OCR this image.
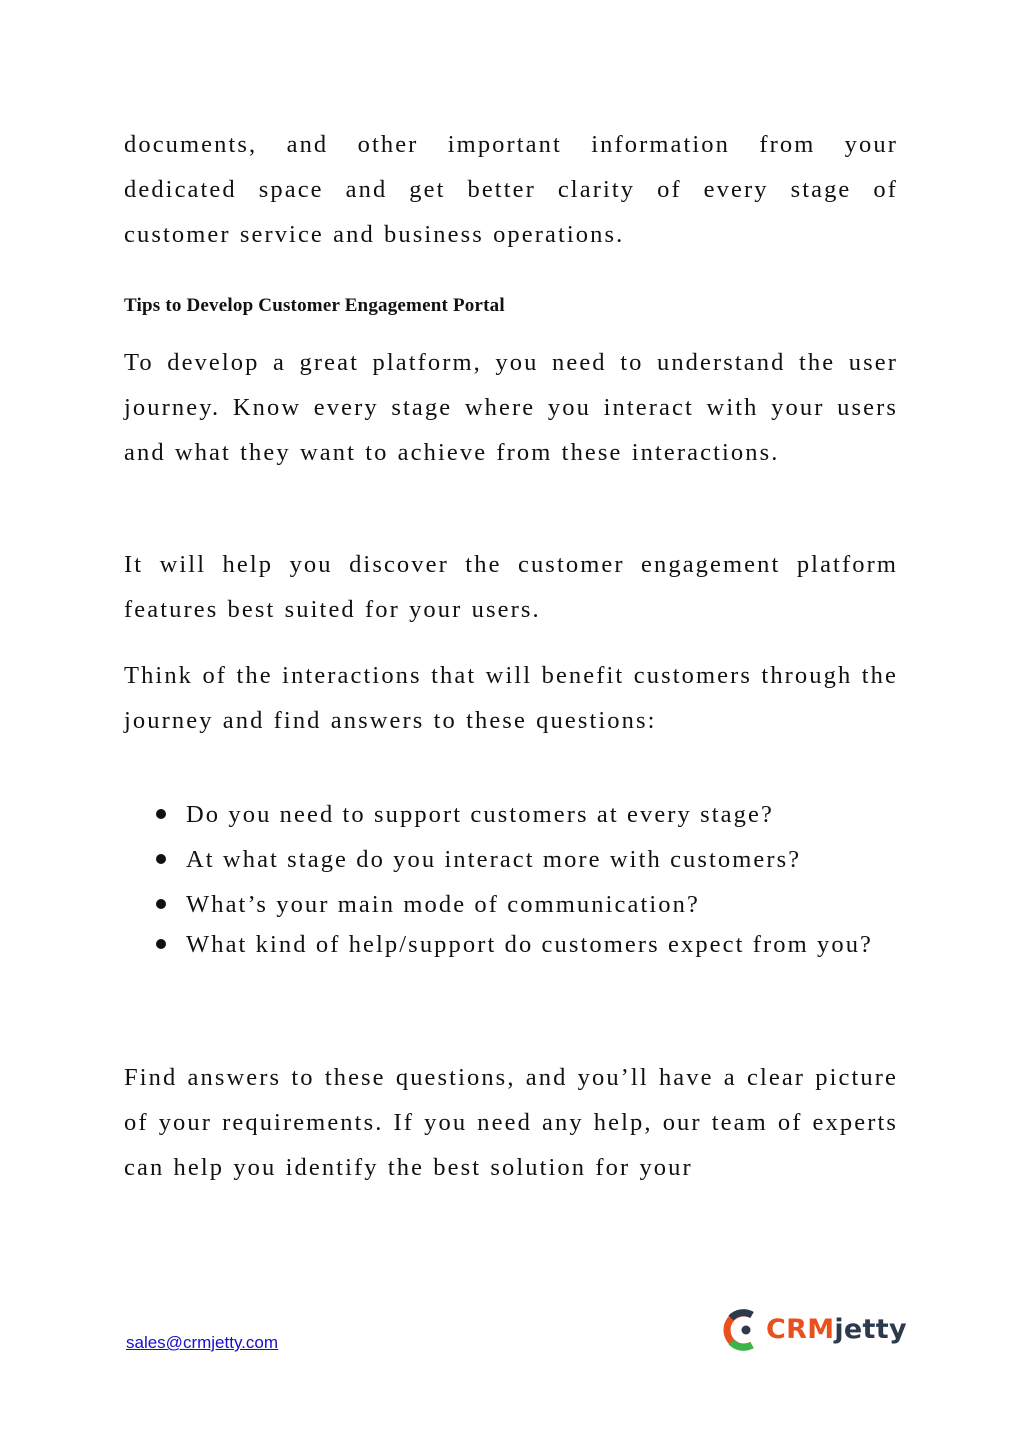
documents, and other important information from your dedicated space and get better clarity of every stage of customer service and business operations.

Tips to Develop Customer Engagement Portal

To develop a great platform, you need to understand the user journey. Know every stage where you interact with your users and what they want to achieve from these interactions.

It will help you discover the customer engagement platform features best suited for your users.

Think of the interactions that will benefit customers through the journey and find answers to these questions:

Do you need to support customers at every stage?
At what stage do you interact more with customers?
What’s your main mode of communication?
What kind of help/support do customers expect from you?

Find answers to these questions, and you’ll have a clear picture of your requirements. If you need any help, our team of experts can help you identify the best solution for your

sales@crmjetty.com	CRMjetty
